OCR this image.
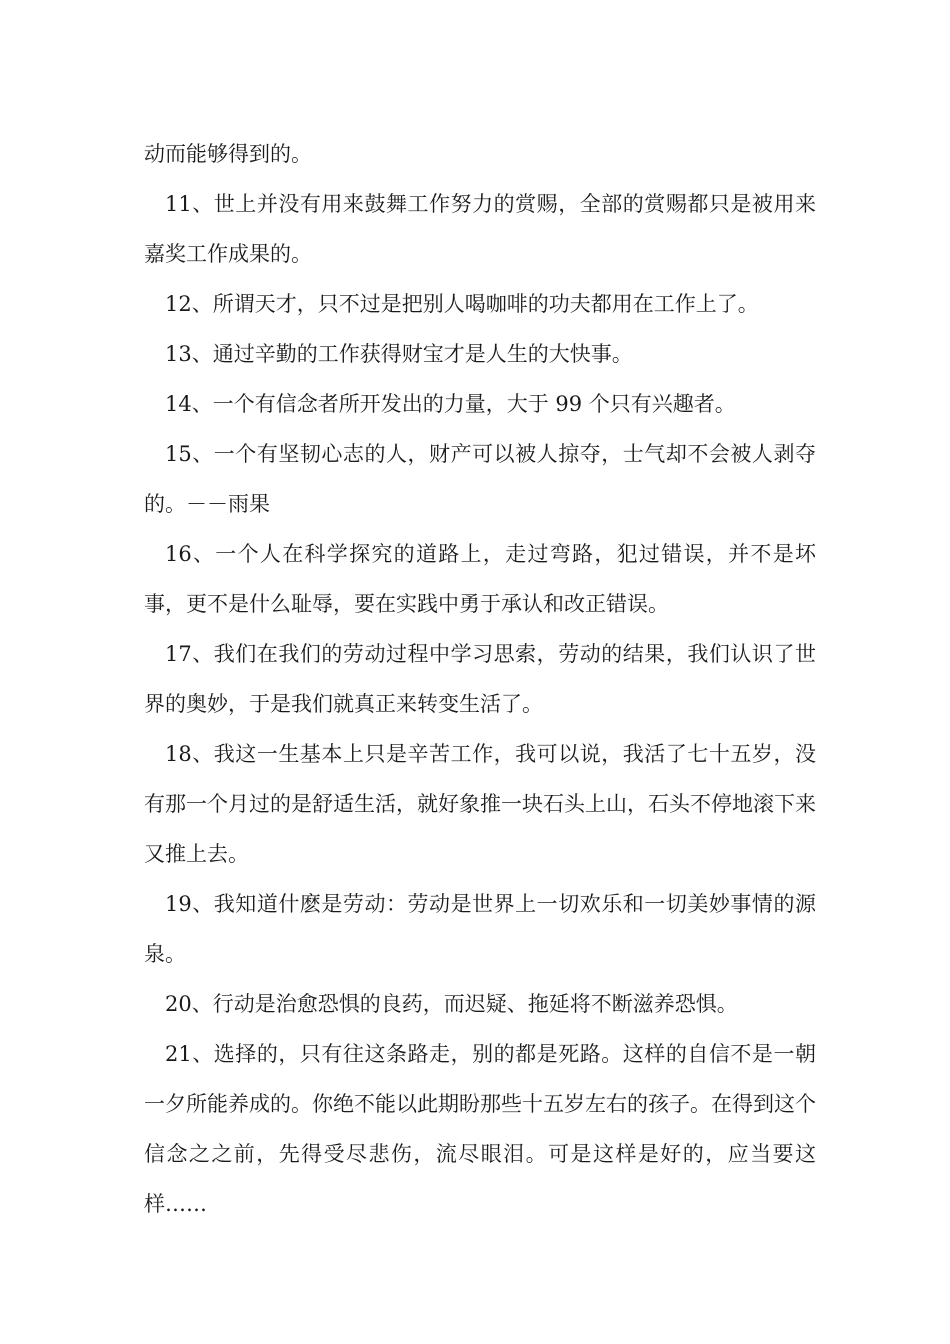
动而能够得到的。

11、世上并没有用来鼓舞工作努力的赏赐，全部的赏赐都只是被用来嘉奖工作成果的。

12、所谓天才，只不过是把别人喝咖啡的功夫都用在工作上了。

13、通过辛勤的工作获得财宝才是人生的大快事。

14、一个有信念者所开发出的力量，大于 99 个只有兴趣者。

15、一个有坚韧心志的人，财产可以被人掠夺，士气却不会被人剥夺的。－－雨果

16、一个人在科学探究的道路上，走过弯路，犯过错误，并不是坏事，更不是什么耻辱，要在实践中勇于承认和改正错误。

17、我们在我们的劳动过程中学习思索，劳动的结果，我们认识了世界的奥妙，于是我们就真正来转变生活了。

18、我这一生基本上只是辛苦工作，我可以说，我活了七十五岁，没有那一个月过的是舒适生活，就好象推一块石头上山，石头不停地滚下来又推上去。

19、我知道什麽是劳动：劳动是世界上一切欢乐和一切美妙事情的源泉。

20、行动是治愈恐惧的良药，而迟疑、拖延将不断滋养恐惧。

21、选择的，只有往这条路走，别的都是死路。这样的自信不是一朝一夕所能养成的。你绝不能以此期盼那些十五岁左右的孩子。在得到这个信念之之前，先得受尽悲伤，流尽眼泪。可是这样是好的，应当要这样……
